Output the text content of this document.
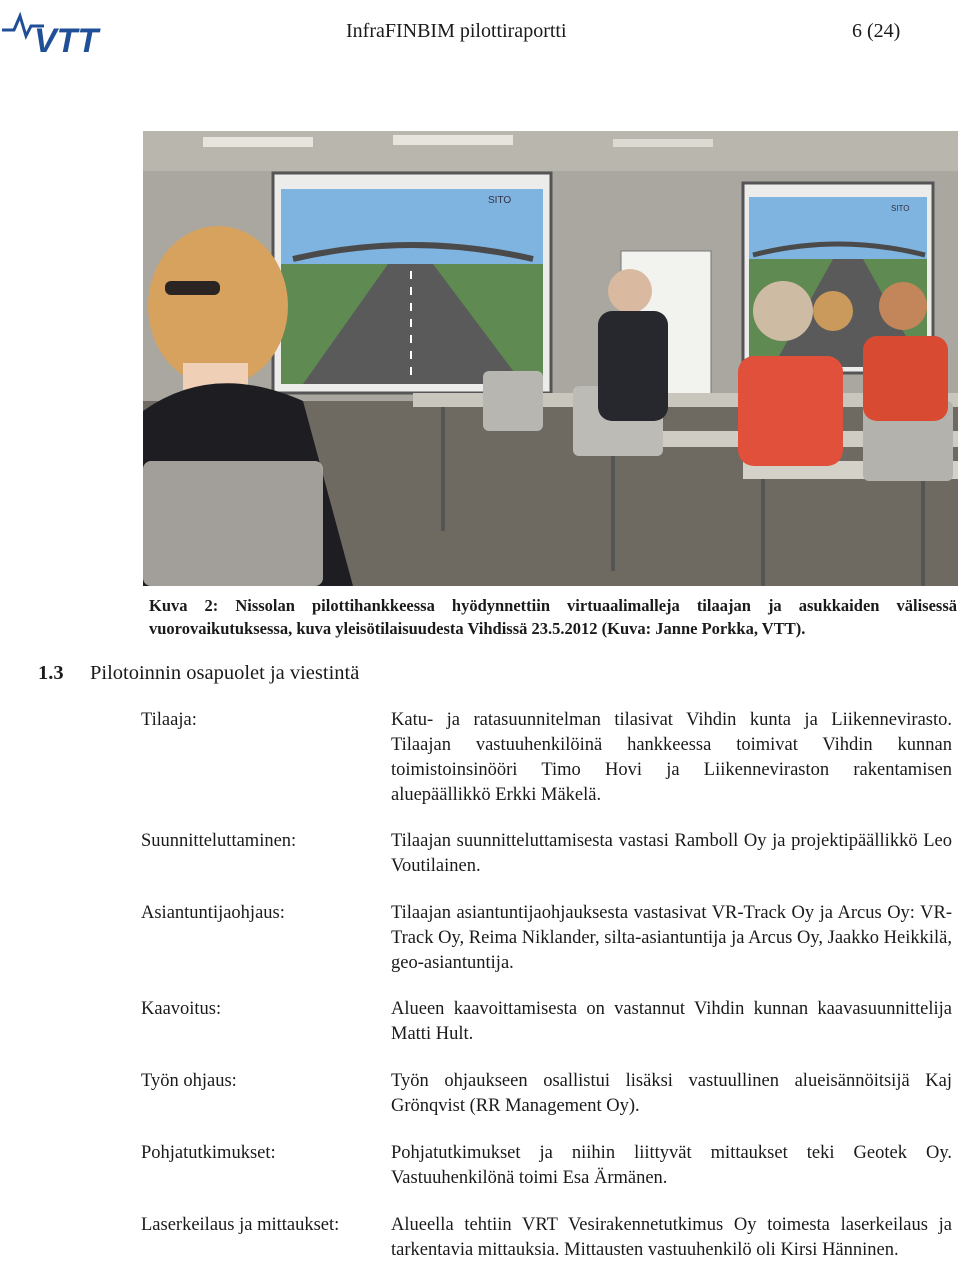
VTT	InfraFINBIM pilottiraportti	6 (24)
SITO
SITO
Kuva 2: Nissolan pilottihankkeessa hyödynnettiin virtuaalimalleja tilaajan ja asukkaiden välisessä vuorovaikutuksessa, kuva yleisötilaisuudesta Vihdissä 23.5.2012 (Kuva: Janne Porkka, VTT).
1.3 Pilotoinnin osapuolet ja viestintä
Tilaaja:	Katu- ja ratasuunnitelman tilasivat Vihdin kunta ja Liikennevirasto. Tilaajan vastuuhenkilöinä hankkeessa toimivat Vihdin kunnan toimistoinsinööri Timo Hovi ja Liikenneviraston rakentamisen aluepäällikkö Erkki Mäkelä.
Suunnitteluttaminen:	Tilaajan suunnitteluttamisesta vastasi Ramboll Oy ja projektipäällikkö Leo Voutilainen.
Asiantuntijaohjaus:	Tilaajan asiantuntijaohjauksesta vastasivat VR-Track Oy ja Arcus Oy: VR-Track Oy, Reima Niklander, silta-asiantuntija ja Arcus Oy, Jaakko Heikkilä, geo-asiantuntija.
Kaavoitus:	Alueen kaavoittamisesta on vastannut Vihdin kunnan kaavasuunnittelija Matti Hult.
Työn ohjaus:	Työn ohjaukseen osallistui lisäksi vastuullinen alueisännöitsijä Kaj Grönqvist (RR Management Oy).
Pohjatutkimukset:	Pohjatutkimukset ja niihin liittyvät mittaukset teki Geotek Oy. Vastuuhenkilönä toimi Esa Ärmänen.
Laserkeilaus ja mittaukset:	Alueella tehtiin VRT Vesirakennetutkimus Oy toimesta laserkeilaus ja tarkentavia mittauksia. Mittausten vastuuhenkilö oli Kirsi Hänninen.
